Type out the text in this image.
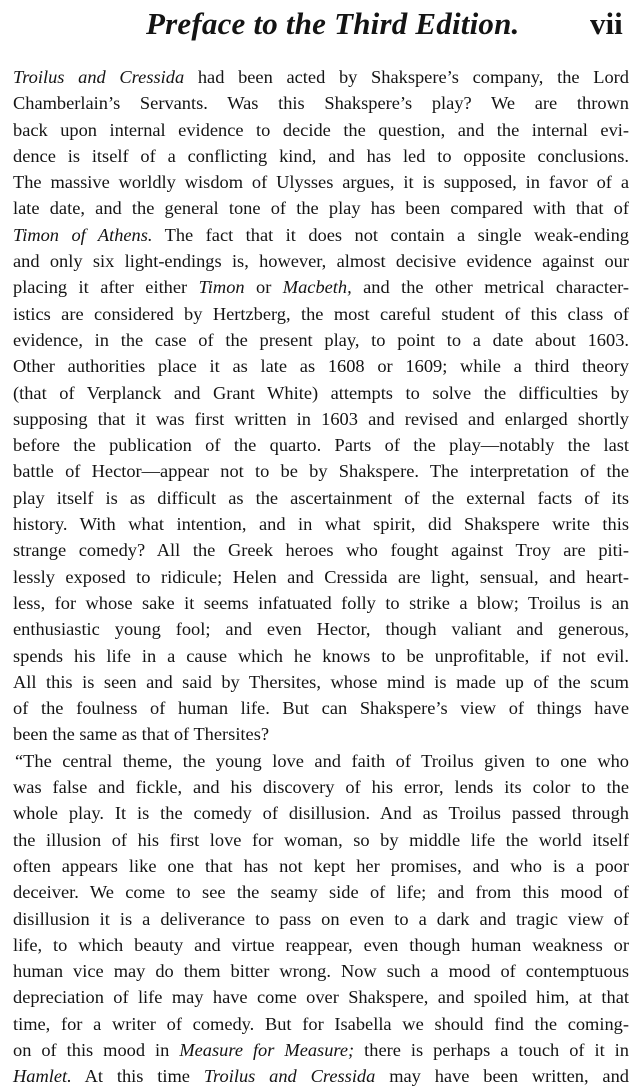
Preface to the Third Edition. vii

Troilus and Cressida had been acted by Shakspere’s company, the Lord
Chamberlain’s Servants. Was this Shakspere’s play? We are thrown
back upon internal evidence to decide the question, and the internal evi-
dence is itself of a conflicting kind, and has led to opposite conclusions.
The massive worldly wisdom of Ulysses argues, it is supposed, in favor of a
late date, and the general tone of the play has been compared with that of
Timon of Athens. The fact that it does not contain a single weak-ending
and only six light-endings is, however, almost decisive evidence against our
placing it after either Timon or Macbeth, and the other metrical character-
istics are considered by Hertzberg, the most careful student of this class of
evidence, in the case of the present play, to point to a date about 1603.
Other authorities place it as late as 1608 or 1609; while a third theory
(that of Verplanck and Grant White) attempts to solve the difficulties by
supposing that it was first written in 1603 and revised and enlarged shortly
before the publication of the quarto. Parts of the play—notably the last
battle of Hector—appear not to be by Shakspere. The interpretation of the
play itself is as difficult as the ascertainment of the external facts of its
history. With what intention, and in what spirit, did Shakspere write this
strange comedy? All the Greek heroes who fought against Troy are piti-
lessly exposed to ridicule; Helen and Cressida are light, sensual, and heart-
less, for whose sake it seems infatuated folly to strike a blow; Troilus is an
enthusiastic young fool; and even Hector, though valiant and generous,
spends his life in a cause which he knows to be unprofitable, if not evil.
All this is seen and said by Thersites, whose mind is made up of the scum
of the foulness of human life. But can Shakspere’s view of things have
been the same as that of Thersites?

“The central theme, the young love and faith of Troilus given to one who
was false and fickle, and his discovery of his error, lends its color to the
whole play. It is the comedy of disillusion. And as Troilus passed through
the illusion of his first love for woman, so by middle life the world itself
often appears like one that has not kept her promises, and who is a poor
deceiver. We come to see the seamy side of life; and from this mood of
disillusion it is a deliverance to pass on even to a dark and tragic view of
life, to which beauty and virtue reappear, even though human weakness or
human vice may do them bitter wrong. Now such a mood of contemptuous
depreciation of life may have come over Shakspere, and spoiled him, at that
time, for a writer of comedy. But for Isabella we should find the coming-
on of this mood in Measure for Measure; there is perhaps a touch of it in
Hamlet. At this time Troilus and Cressida may have been written, and
